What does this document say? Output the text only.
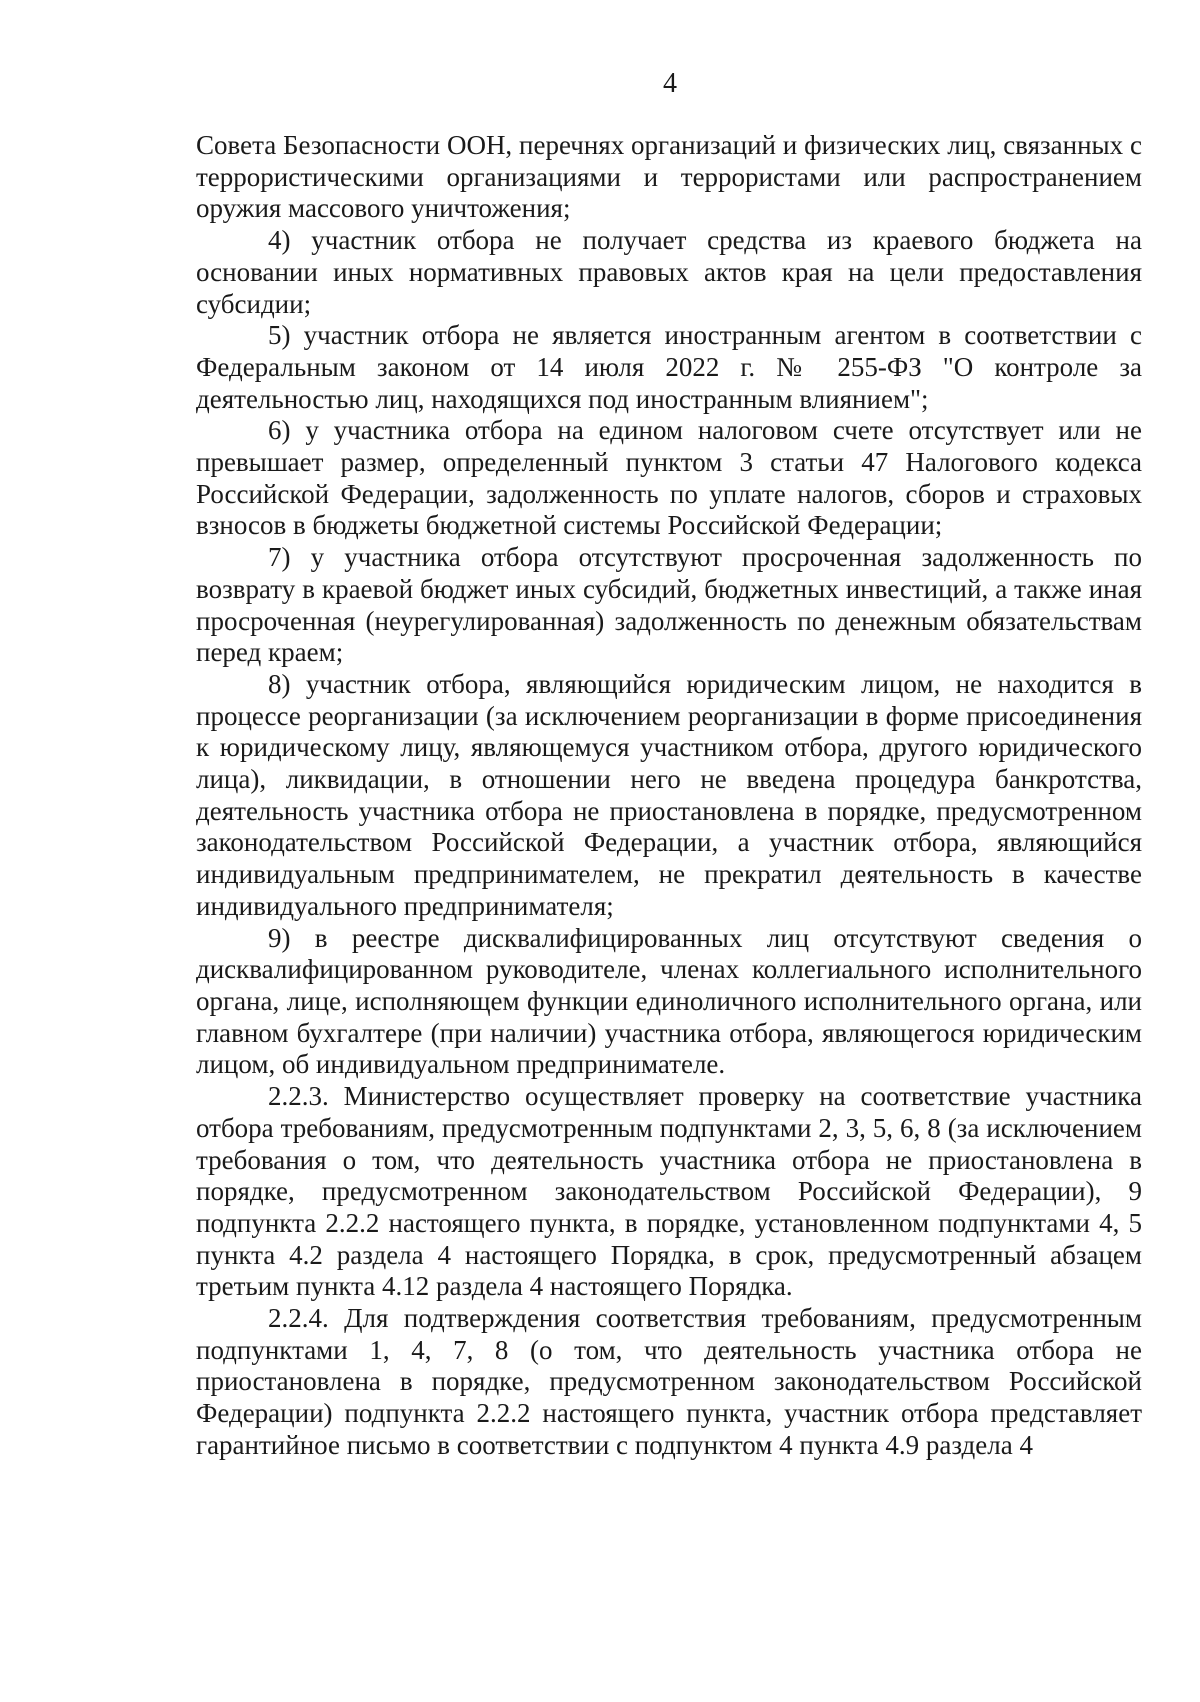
4

Совета Безопасности ООН, перечнях организаций и физических лиц, связанных с террористическими организациями и террористами или распространением оружия массового уничтожения;

4) участник отбора не получает средства из краевого бюджета на основании иных нормативных правовых актов края на цели предоставления субсидии;

5) участник отбора не является иностранным агентом в соответствии с Федеральным законом от 14 июля 2022 г. № 255-ФЗ "О контроле за деятельностью лиц, находящихся под иностранным влиянием";

6) у участника отбора на едином налоговом счете отсутствует или не превышает размер, определенный пунктом 3 статьи 47 Налогового кодекса Российской Федерации, задолженность по уплате налогов, сборов и страховых взносов в бюджеты бюджетной системы Российской Федерации;

7) у участника отбора отсутствуют просроченная задолженность по возврату в краевой бюджет иных субсидий, бюджетных инвестиций, а также иная просроченная (неурегулированная) задолженность по денежным обязательствам перед краем;

8) участник отбора, являющийся юридическим лицом, не находится в процессе реорганизации (за исключением реорганизации в форме присоединения к юридическому лицу, являющемуся участником отбора, другого юридического лица), ликвидации, в отношении него не введена процедура банкротства, деятельность участника отбора не приостановлена в порядке, предусмотренном законодательством Российской Федерации, а участник отбора, являющийся индивидуальным предпринимателем, не прекратил деятельность в качестве индивидуального предпринимателя;

9) в реестре дисквалифицированных лиц отсутствуют сведения о дисквалифицированном руководителе, членах коллегиального исполнительного органа, лице, исполняющем функции единоличного исполнительного органа, или главном бухгалтере (при наличии) участника отбора, являющегося юридическим лицом, об индивидуальном предпринимателе.

2.2.3. Министерство осуществляет проверку на соответствие участника отбора требованиям, предусмотренным подпунктами 2, 3, 5, 6, 8 (за исключением требования о том, что деятельность участника отбора не приостановлена в порядке, предусмотренном законодательством Российской Федерации), 9 подпункта 2.2.2 настоящего пункта, в порядке, установленном подпунктами 4, 5 пункта 4.2 раздела 4 настоящего Порядка, в срок, предусмотренный абзацем третьим пункта 4.12 раздела 4 настоящего Порядка.

2.2.4. Для подтверждения соответствия требованиям, предусмотренным подпунктами 1, 4, 7, 8 (о том, что деятельность участника отбора не приостановлена в порядке, предусмотренном законодательством Российской Федерации) подпункта 2.2.2 настоящего пункта, участник отбора представляет гарантийное письмо в соответствии с подпунктом 4 пункта 4.9 раздела 4
